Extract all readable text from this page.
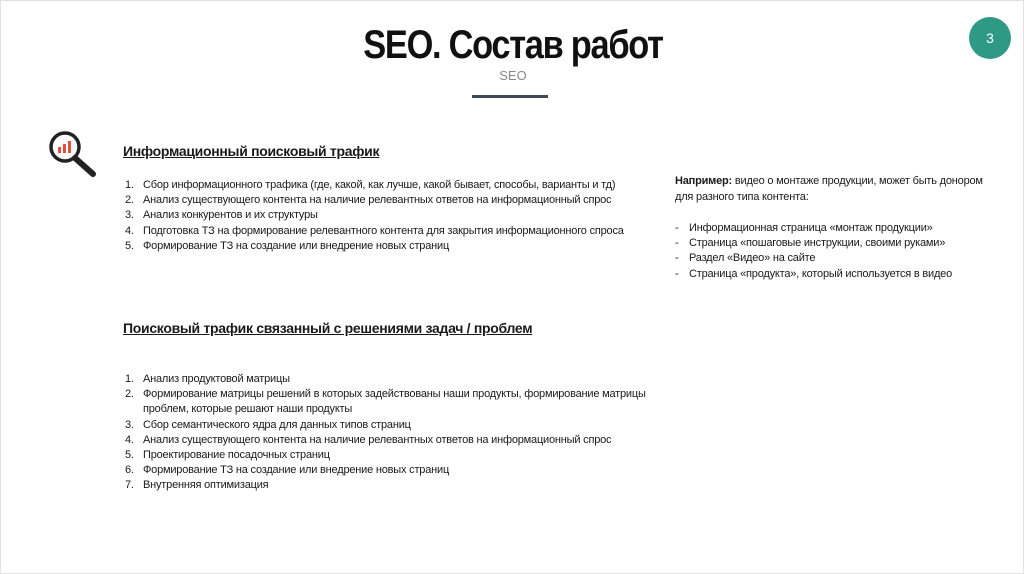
SEO. Состав работ
SEO
3
Информационный поисковый трафик
1. Сбор информационного трафика (где, какой, как лучше, какой бывает, способы, варианты и тд)
2. Анализ существующего контента на наличие релевантных ответов на информационный спрос
3. Анализ конкурентов и их структуры
4. Подготовка ТЗ на формирование релевантного контента для закрытия информационного спроса
5. Формирование ТЗ на создание или внедрение новых страниц
Например: видео о монтаже продукции, может быть донором для разного типа контента:
- Информационная страница «монтаж продукции»
- Страница «пошаговые инструкции, своими руками»
- Раздел «Видео» на сайте
- Страница «продукта», который используется в видео
Поисковый трафик связанный с решениями задач / проблем
1. Анализ продуктовой матрицы
2. Формирование матрицы решений в которых задействованы наши продукты, формирование матрицы проблем, которые решают наши продукты
3. Сбор семантического ядра для данных типов страниц
4. Анализ существующего контента на наличие релевантных ответов на информационный спрос
5. Проектирование посадочных страниц
6. Формирование ТЗ на создание или внедрение новых страниц
7. Внутренняя оптимизация
